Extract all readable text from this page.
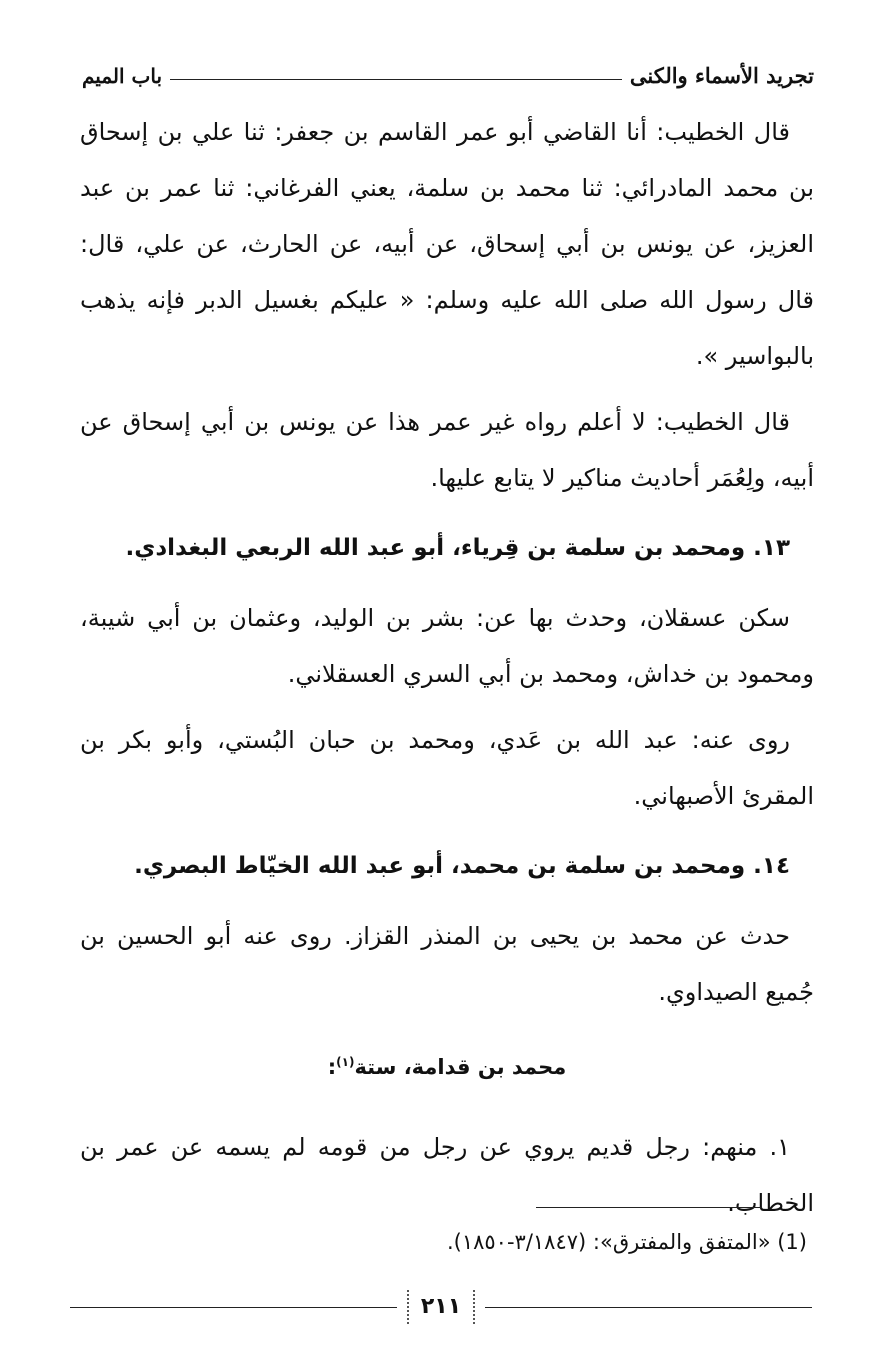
تجريد الأسماء والكنى
باب الميم

قال الخطيب: أنا القاضي أبو عمر القاسم بن جعفر: ثنا علي بن إسحاق بن محمد المادرائي: ثنا محمد بن سلمة، يعني الفرغاني: ثنا عمر بن عبد العزيز، عن يونس بن أبي إسحاق، عن أبيه، عن الحارث، عن علي، قال: قال رسول الله صلى الله عليه وسلم: « عليكم بغسيل الدبر فإنه يذهب بالبواسير ».

قال الخطيب: لا أعلم رواه غير عمر هذا عن يونس بن أبي إسحاق عن أبيه، ولِعُمَر أحاديث مناكير لا يتابع عليها.

١٣. ومحمد بن سلمة بن قِرياء، أبو عبد الله الربعي البغدادي.

سكن عسقلان، وحدث بها عن: بشر بن الوليد، وعثمان بن أبي شيبة، ومحمود بن خداش، ومحمد بن أبي السري العسقلاني.

روى عنه: عبد الله بن عَدي، ومحمد بن حبان البُستي، وأبو بكر بن المقرئ الأصبهاني.

١٤. ومحمد بن سلمة بن محمد، أبو عبد الله الخيّاط البصري.

حدث عن محمد بن يحيى بن المنذر القزاز. روى عنه أبو الحسين بن جُميع الصيداوي.

محمد بن قدامة، ستة$^{(١)}$:

١. منهم: رجل قديم يروي عن رجل من قومه لم يسمه عن عمر بن الخطاب.

(1) «المتفق والمفترق»: (٣/١٨٤٧-١٨٥٠).
٢١١
